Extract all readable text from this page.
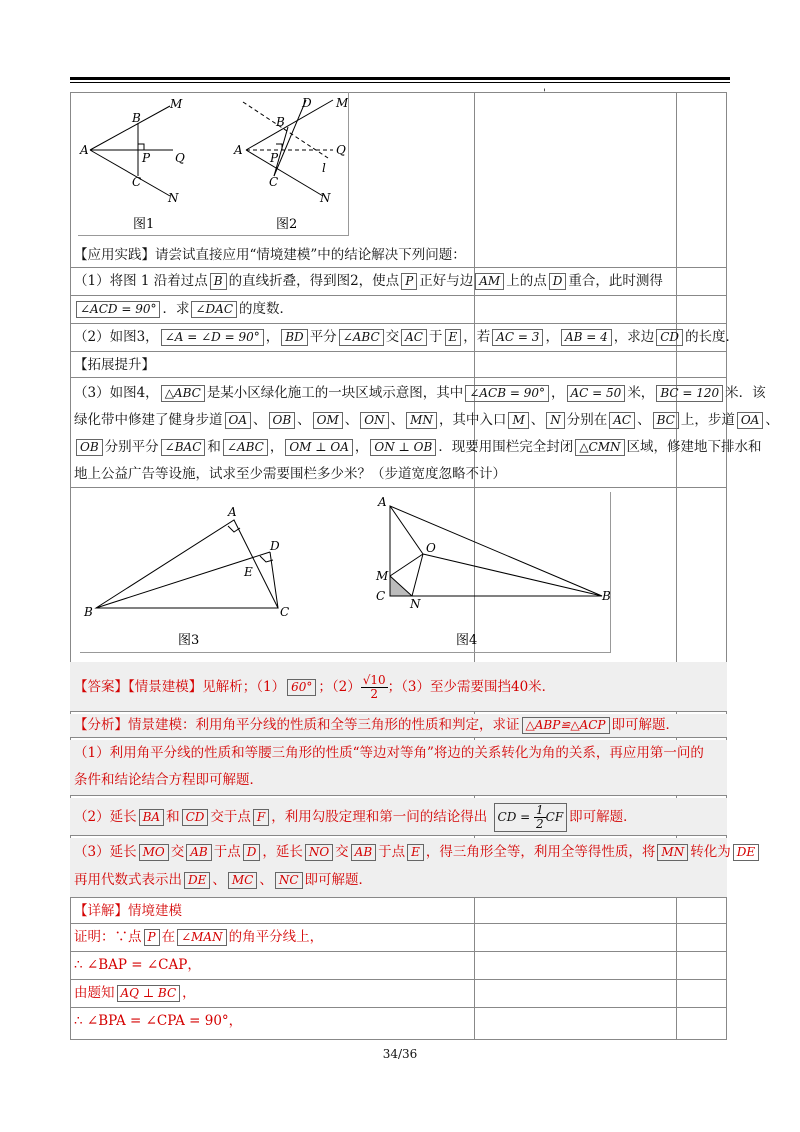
'
M
B
A
P Q
C
N
D M
B
A
P
Q
l
C
N
图1	图2
【应用实践】请尝试直接应用“情境建模”中的结论解决下列问题：
（1）将图 1 沿着过点 B 的直线折叠，得到图2，使点 P 正好与边 AM 上的点 D 重合，此时测得
∠ACD = 90° ．求 ∠DAC 的度数．
（2）如图3， ∠A = ∠D = 90° ， BD 平分 ∠ABC 交 AC 于 E ，若 AC = 3 ， AB = 4 ，求边 CD 的长度．
【拓展提升】
（3）如图4， △ABC 是某小区绿化施工的一块区域示意图，其中 ∠ACB = 90° ， AC = 50 米， BC = 120 米．该
绿化带中修建了健身步道 OA 、 OB 、 OM 、 ON 、 MN ，其中入口 M 、 N 分别在 AC 、 BC 上，步道 OA 、
OB 分别平分 ∠BAC 和 ∠ABC ， OM ⊥ OA ， ON ⊥ OB ．现要用围栏完全封闭 △CMN 区域，修建地下排水和
地上公益广告等设施，试求至少需要围栏多少米？（步道宽度忽略不计）
A
D
E
B	C
A
O
M
C
N
B
图3	图4
【答案】【情景建模】见解析；（1） 60° ；$(2) \frac{√10}{2}$；（3）至少需要围挡40米．
【分析】情景建模：利用角平分线的性质和全等三角形的性质和判定，求证 △ABP≌△ACP 即可解题．
（1）利用角平分线的性质和等腰三角形的性质“等边对等角”将边的关系转化为角的关系，再应用第一问的
条件和结论结合方程即可解题．
（2）延长 BA 和 CD 交于点 F ，利用勾股定理和第一问的结论得出 CD = $\frac{1}{2}CF$ 即可解题．
（3）延长 MO 交 AB 于点 D ，延长 NO 交 AB 于点 E ，得三角形全等，利用全等得性质，将 MN 转化为 DE
再用代数式表示出 DE 、 MC 、 NC 即可解题．
【详解】情境建模
证明：∵点 P 在 ∠MAN 的角平分线上，
∴ ∠BAP = ∠CAP，
由题知 AQ ⊥ BC ，
∴ ∠BPA = ∠CPA = 90°，
34/36
